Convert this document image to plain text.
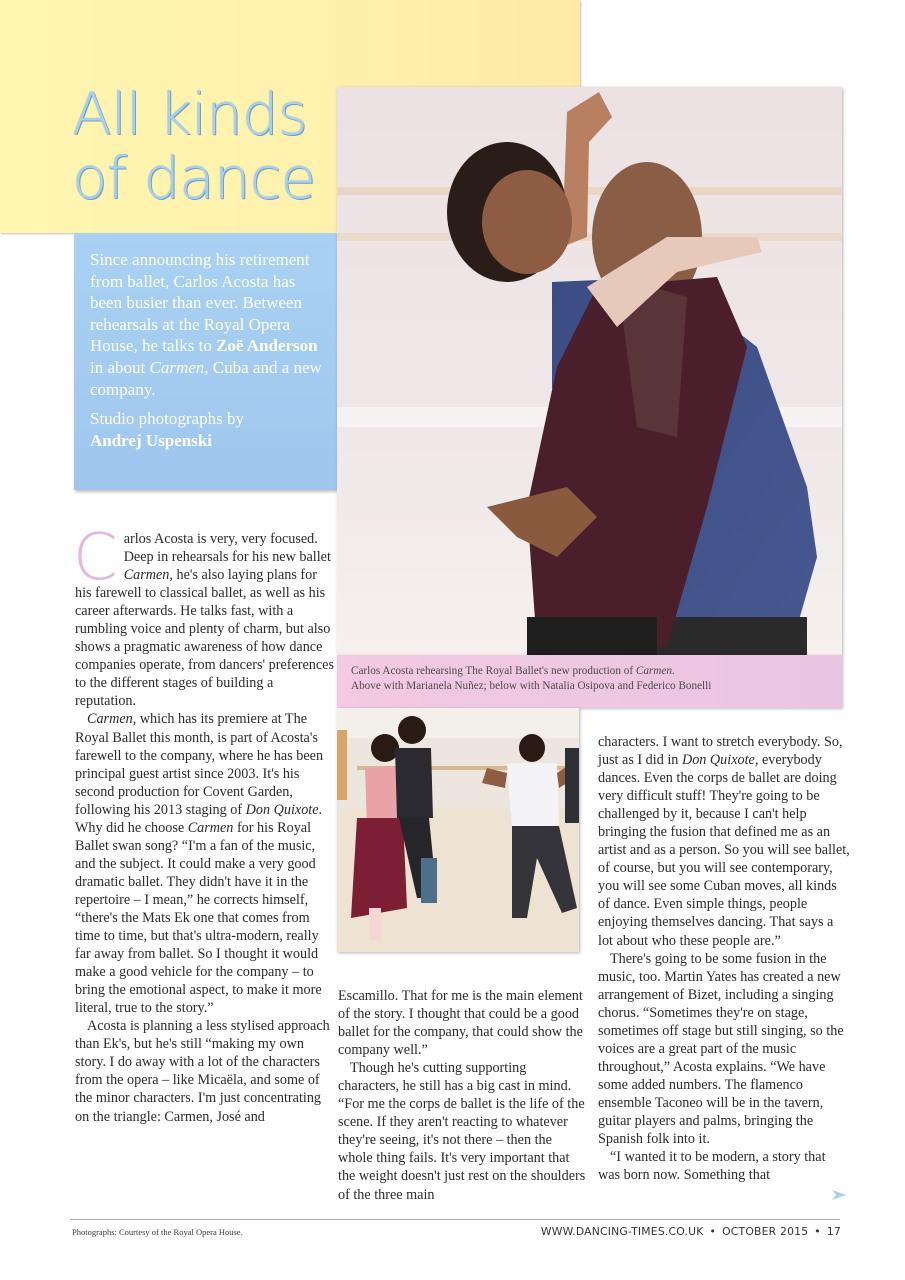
All kinds
of dance

Since announcing his retirement from ballet, Carlos Acosta has been busier than ever. Between rehearsals at the Royal Opera House, he talks to Zoë Anderson in about Carmen, Cuba and a new company.

Studio photographs by
Andrej Uspenski

Carlos Acosta rehearsing The Royal Ballet's new production of Carmen.
Above with Marianela Nuñez; below with Natalia Osipova and Federico Bonelli

Carlos Acosta is very, very focused. Deep in rehearsals for his new ballet Carmen, he's also laying plans for his farewell to classical ballet, as well as his career afterwards. He talks fast, with a rumbling voice and plenty of charm, but also shows a pragmatic awareness of how dance companies operate, from dancers' preferences to the different stages of building a reputation.

Carmen, which has its premiere at The Royal Ballet this month, is part of Acosta's farewell to the company, where he has been principal guest artist since 2003. It's his second production for Covent Garden, following his 2013 staging of Don Quixote. Why did he choose Carmen for his Royal Ballet swan song? “I'm a fan of the music, and the subject. It could make a very good dramatic ballet. They didn't have it in the repertoire – I mean,” he corrects himself, “there's the Mats Ek one that comes from time to time, but that's ultra-modern, really far away from ballet. So I thought it would make a good vehicle for the company – to bring the emotional aspect, to make it more literal, true to the story.”

Acosta is planning a less stylised approach than Ek's, but he's still “making my own story. I do away with a lot of the characters from the opera – like Micaëla, and some of the minor characters. I'm just concentrating on the triangle: Carmen, José and

Escamillo. That for me is the main element of the story. I thought that could be a good ballet for the company, that could show the company well.”

Though he's cutting supporting characters, he still has a big cast in mind. “For me the corps de ballet is the life of the scene. If they aren't reacting to whatever they're seeing, it's not there – then the whole thing fails. It's very important that the weight doesn't just rest on the shoulders of the three main

characters. I want to stretch everybody. So, just as I did in Don Quixote, everybody dances. Even the corps de ballet are doing very difficult stuff! They're going to be challenged by it, because I can't help bringing the fusion that defined me as an artist and as a person. So you will see ballet, of course, but you will see contemporary, you will see some Cuban moves, all kinds of dance. Even simple things, people enjoying themselves dancing. That says a lot about who these people are.”

There's going to be some fusion in the music, too. Martin Yates has created a new arrangement of Bizet, including a singing chorus. “Sometimes they're on stage, sometimes off stage but still singing, so the voices are a great part of the music throughout,” Acosta explains. “We have some added numbers. The flamenco ensemble Taconeo will be in the tavern, guitar players and palms, bringing the Spanish folk into it.

“I wanted it to be modern, a story that was born now. Something that

Photographs: Courtesy of the Royal Opera House.	WWW.DANCING-TIMES.CO.UK • OCTOBER 2015 • 17
